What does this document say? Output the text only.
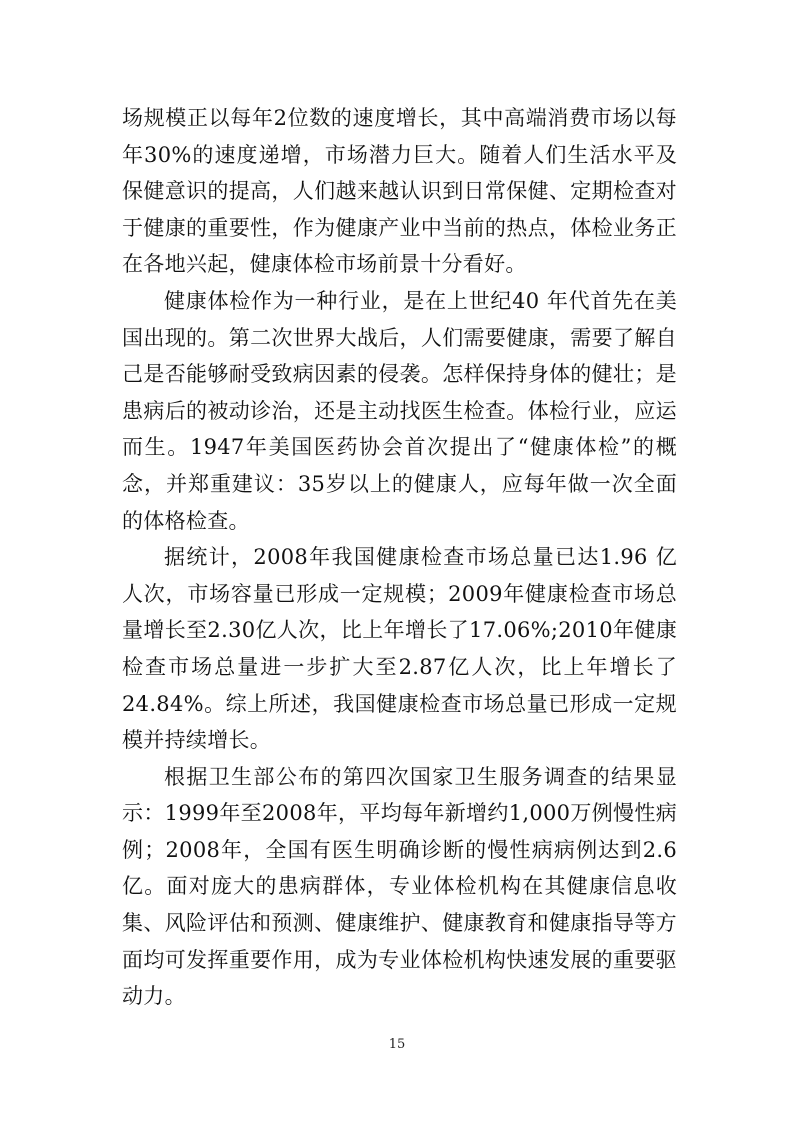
场规模正以每年2位数的速度增长，其中高端消费市场以每年30%的速度递增，市场潜力巨大。随着人们生活水平及保健意识的提高，人们越来越认识到日常保健、定期检查对于健康的重要性，作为健康产业中当前的热点，体检业务正在各地兴起，健康体检市场前景十分看好。

健康体检作为一种行业，是在上世纪40 年代首先在美国出现的。第二次世界大战后，人们需要健康，需要了解自己是否能够耐受致病因素的侵袭。怎样保持身体的健壮；是患病后的被动诊治，还是主动找医生检查。体检行业，应运而生。1947年美国医药协会首次提出了“健康体检”的概念，并郑重建议：35岁以上的健康人，应每年做一次全面的体格检查。

据统计，2008年我国健康检查市场总量已达1.96 亿人次，市场容量已形成一定规模；2009年健康检查市场总量增长至2.30亿人次，比上年增长了17.06%;2010年健康检查市场总量进一步扩大至2.87亿人次，比上年增长了24.84%。综上所述，我国健康检查市场总量已形成一定规模并持续增长。

根据卫生部公布的第四次国家卫生服务调查的结果显示：1999年至2008年，平均每年新增约1,000万例慢性病例；2008年，全国有医生明确诊断的慢性病病例达到2.6亿。面对庞大的患病群体，专业体检机构在其健康信息收集、风险评估和预测、健康维护、健康教育和健康指导等方面均可发挥重要作用，成为专业体检机构快速发展的重要驱动力。

15
